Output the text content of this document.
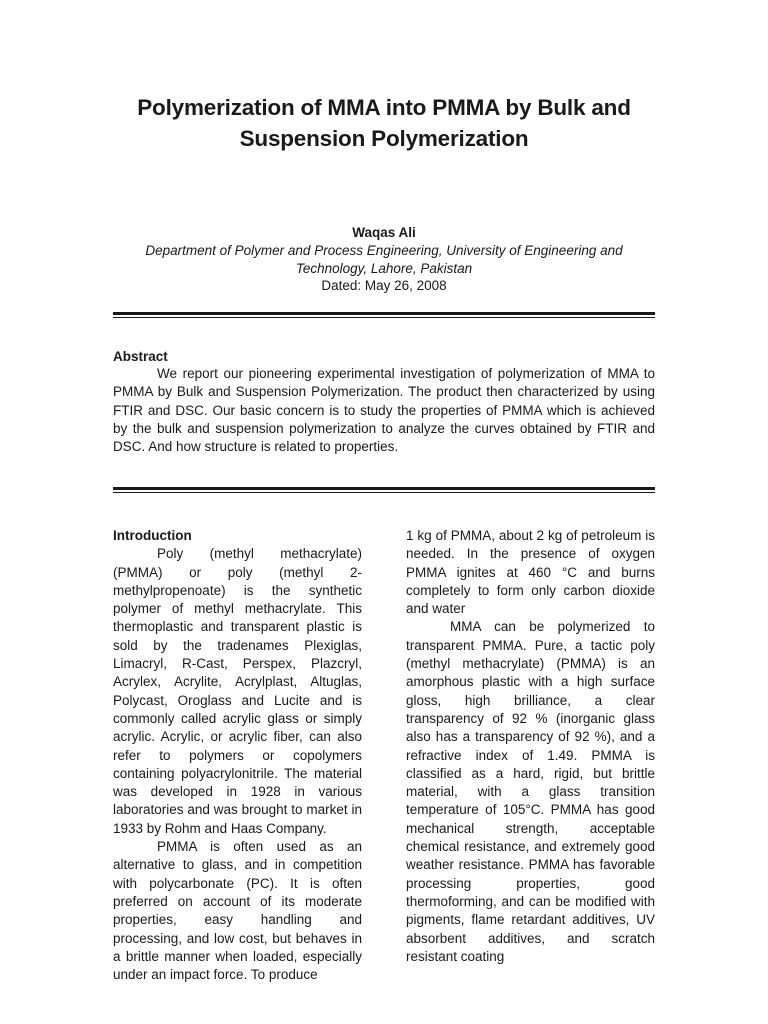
Polymerization of MMA into PMMA by Bulk and Suspension Polymerization
Waqas Ali
Department of Polymer and Process Engineering, University of Engineering and Technology, Lahore, Pakistan
Dated: May 26, 2008
Abstract

We report our pioneering experimental investigation of polymerization of MMA to PMMA by Bulk and Suspension Polymerization. The product then characterized by using FTIR and DSC. Our basic concern is to study the properties of PMMA which is achieved by the bulk and suspension polymerization to analyze the curves obtained by FTIR and DSC. And how structure is related to properties.

Introduction

Poly (methyl methacrylate) (PMMA) or poly (methyl 2-methylpropenoate) is the synthetic polymer of methyl methacrylate. This thermoplastic and transparent plastic is sold by the tradenames Plexiglas, Limacryl, R-Cast, Perspex, Plazcryl, Acrylex, Acrylite, Acrylplast, Altuglas, Polycast, Oroglass and Lucite and is commonly called acrylic glass or simply acrylic. Acrylic, or acrylic fiber, can also refer to polymers or copolymers containing polyacrylonitrile. The material was developed in 1928 in various laboratories and was brought to market in 1933 by Rohm and Haas Company.

PMMA is often used as an alternative to glass, and in competition with polycarbonate (PC). It is often preferred on account of its moderate properties, easy handling and processing, and low cost, but behaves in a brittle manner when loaded, especially under an impact force. To produce

1 kg of PMMA, about 2 kg of petroleum is needed. In the presence of oxygen PMMA ignites at 460 °C and burns completely to form only carbon dioxide and water

MMA can be polymerized to transparent PMMA. Pure, a tactic poly (methyl methacrylate) (PMMA) is an amorphous plastic with a high surface gloss, high brilliance, a clear transparency of 92 % (inorganic glass also has a transparency of 92 %), and a refractive index of 1.49. PMMA is classified as a hard, rigid, but brittle material, with a glass transition temperature of 105°C. PMMA has good mechanical strength, acceptable chemical resistance, and extremely good weather resistance. PMMA has favorable processing properties, good thermoforming, and can be modified with pigments, flame retardant additives, UV absorbent additives, and scratch resistant coating
